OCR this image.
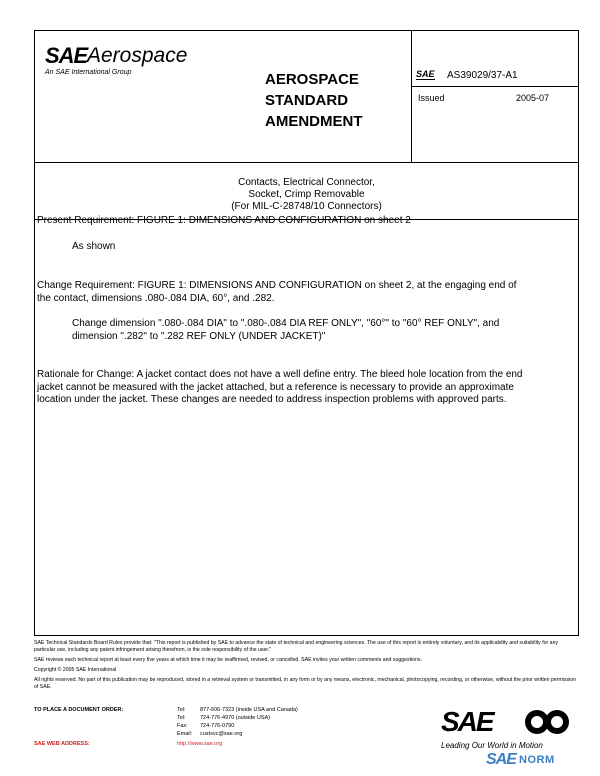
SAE Aerospace
An SAE International Group	AEROSPACE
STANDARD
AMENDMENT
SAE AS39029/37-A1
Issued	2005-07
Contacts, Electrical Connector,
Socket, Crimp Removable
(For MIL-C-28748/10 Connectors)

Present Requirement: FIGURE 1: DIMENSIONS AND CONFIGURATION on sheet 2

As shown

Change Requirement: FIGURE 1: DIMENSIONS AND CONFIGURATION on sheet 2, at the engaging end of the contact, dimensions .080-.084 DIA, 60°, and .282.

Change dimension ".080-.084 DIA" to ".080-.084 DIA REF ONLY", "60°" to "60° REF ONLY", and dimension ".282" to ".282 REF ONLY (UNDER JACKET)"

Rationale for Change: A jacket contact does not have a well define entry. The bleed hole location from the end jacket cannot be measured with the jacket attached, but a reference is necessary to provide an approximate location under the jacket. These changes are needed to address inspection problems with approved parts.

SAE Technical Standards Board Rules provide that: "This report is published by SAE to advance the state of technical and engineering sciences. The use of this report is entirely voluntary, and its applicability and suitability for any particular use, including any patent infringement arising therefrom, is the sole responsibility of the user."
SAE reviews each technical report at least every five years at which time it may be reaffirmed, revised, or cancelled. SAE invites your written comments and suggestions.
Copyright © 2005 SAE International
All rights reserved. No part of this publication may be reproduced, stored in a retrieval system or transmitted, in any form or by any means, electronic, mechanical, photocopying, recording, or otherwise, without the prior written permission of SAE.
TO PLACE A DOCUMENT ORDER:	Tel:	877-606-7323 (inside USA and Canada)
Tel:	724-776-4970 (outside USA)
Fax: 724-776-0790
Email: custsvc@sae.org
SAE WEB ADDRESS:	http://www.sae.org
SAE
Leading Our World in Motion
SAE NORM
